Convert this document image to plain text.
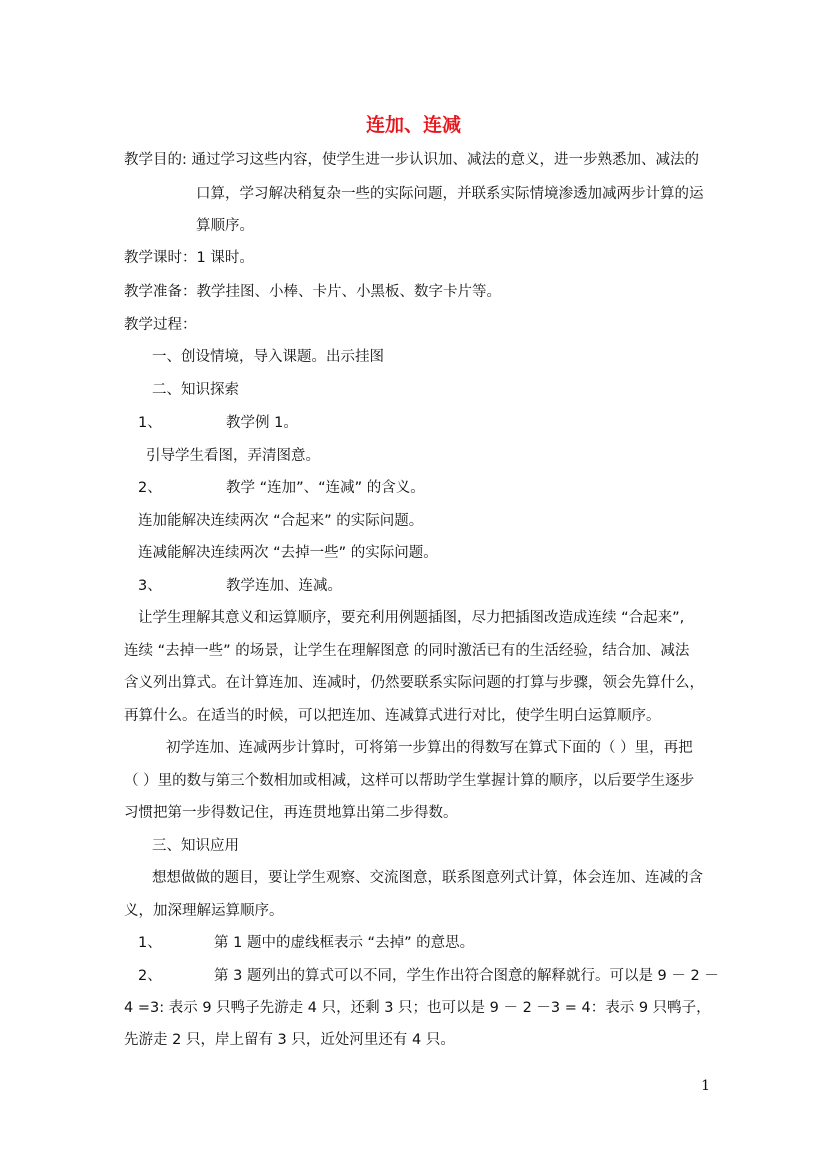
连加、连减
教学目的: 通过学习这些内容，使学生进一步认识加、减法的意义，进一步熟悉加、减法的
口算，学习解决稍复杂一些的实际问题，并联系实际情境渗透加减两步计算的运
算顺序。
教学课时：1 课时。
教学准备：教学挂图、小棒、卡片、小黑板、数字卡片等。
教学过程：
一、创设情境，导入课题。出示挂图
二、知识探索
1、	教学例 1。
引导学生看图，弄清图意。
2、	教学 “连加”、“连减” 的含义。
连加能解决连续两次 “合起来” 的实际问题。
连减能解决连续两次 “去掉一些” 的实际问题。
3、	教学连加、连减。
让学生理解其意义和运算顺序，要充利用例题插图，尽力把插图改造成连续 “合起来”,
连续 “去掉一些” 的场景，让学生在理解图意 的同时激活已有的生活经验，结合加、减法
含义列出算式。在计算连加、连减时，仍然要联系实际问题的打算与步骤，领会先算什么，
再算什么。在适当的时候，可以把连加、连减算式进行对比，使学生明白运算顺序。
初学连加、连减两步计算时，可将第一步算出的得数写在算式下面的（ ）里，再把
（ ）里的数与第三个数相加或相减，这样可以帮助学生掌握计算的顺序，以后要学生逐步
习惯把第一步得数记住，再连贯地算出第二步得数。
三、知识应用
想想做做的题目，要让学生观察、交流图意，联系图意列式计算，体会连加、连减的含
义，加深理解运算顺序。
1、	第 1 题中的虚线框表示 “去掉” 的意思。
2、	第 3 题列出的算式可以不同，学生作出符合图意的解释就行。可以是 9 － 2 －
4 =3: 表示 9 只鸭子先游走 4 只，还剩 3 只；也可以是 9 － 2 －3 = 4：表示 9 只鸭子，
先游走 2 只，岸上留有 3 只，近处河里还有 4 只。
1
